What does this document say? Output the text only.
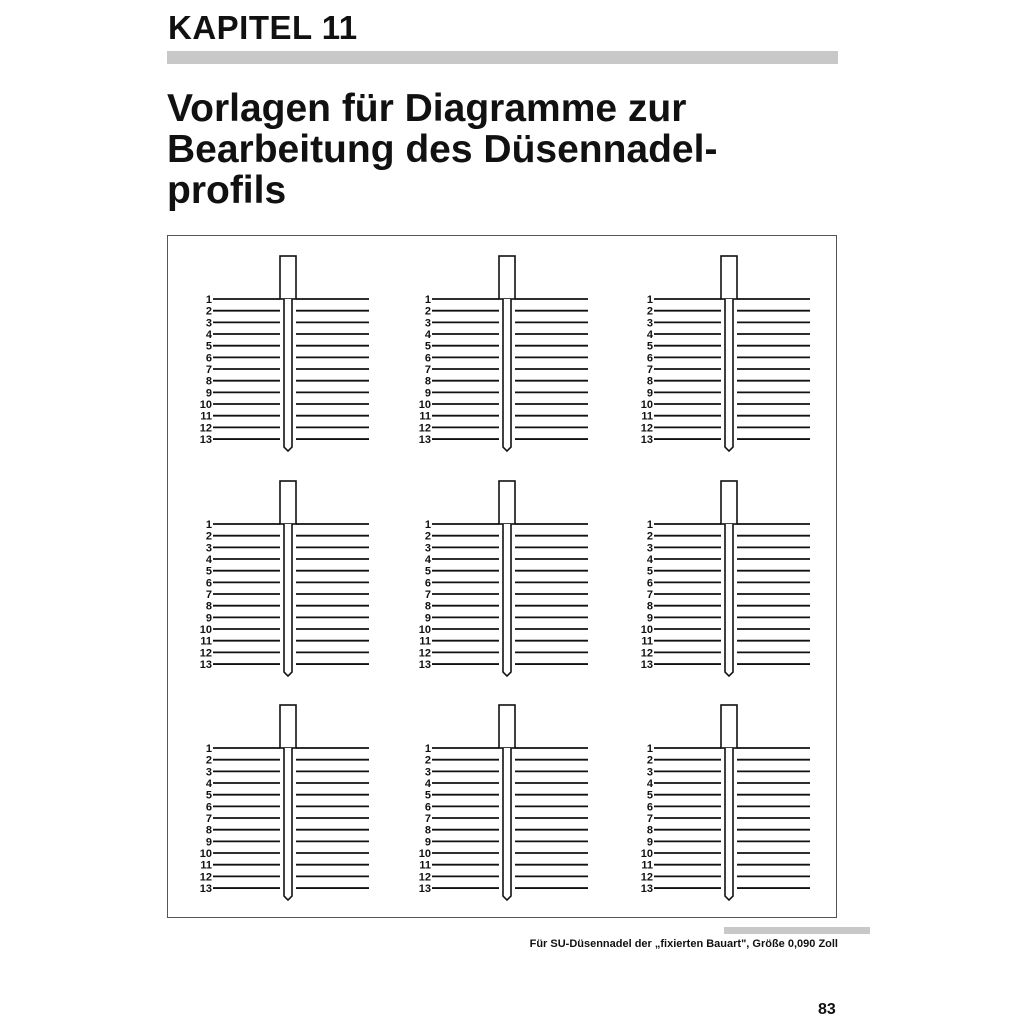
KAPITEL 11
Vorlagen für Diagramme zur
Bearbeitung des Düsennadel-
profils
1
2
3
4
5
6
7
8
9
10
11
12
13
1
2
3
4
5
6
7
8
9
10
11
12
13
1
2
3
4
5
6
7
8
9
10
11
12
13
1
2
3
4
5
6
7
8
9
10
11
12
13
1
2
3
4
5
6
7
8
9
10
11
12
13
1
2
3
4
5
6
7
8
9
10
11
12
13
1
2
3
4
5
6
7
8
9
10
11
12
13
1
2
3
4
5
6
7
8
9
10
11
12
13
1
2
3
4
5
6
7
8
9
10
11
12
13
Für SU-Düsennadel der „fixierten Bauart", Größe 0,090 Zoll
83
